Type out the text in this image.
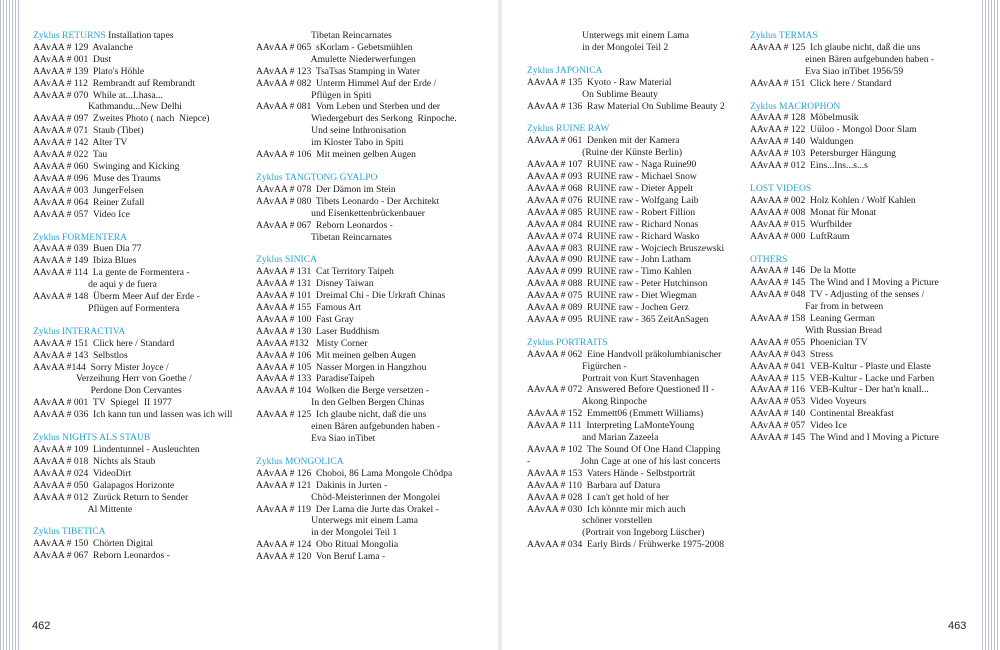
Zyklus RETURNS Installation tapes
AAvAA # 129  Avalanche
AAvAA # 001  Dust
AAvAA # 139  Plato's Höhle
AAvAA # 112  Rembrandt auf Rembrandt
AAvAA # 070  While at...Lhasa...
Kathmandu...New Delhi
AAvAA # 097  Zweites Photo ( nach  Niepce)
AAvAA # 071  Staub (Tibet)
AAvAA # 142  Alter TV
AAvAA # 022  Tau
AAvAA # 060  Swinging and Kicking
AAvAA # 096  Muse des Traums
AAvAA # 003  JungerFelsen
AAvAA # 064  Reiner Zufall
AAvAA # 057  Video Ice
Zyklus FORMENTERA
AAvAA # 039  Buen Dia 77
AAvAA # 149  Ibiza Blues
AAvAA # 114  La gente de Formentera -
de aqui y de fuera
AAvAA # 148  Überm Meer Auf der Erde -
Pflügen auf Formentera
Zyklus INTERACTIVA
AAvAA # 151  Click here / Standard
AAvAA # 143  Selbstlos
AAvAA #144  Sorry Mister Joyce /
Verzeihung Herr von Goethe /
Perdone Don Cervantes
AAvAA # 001  TV  Spiegel  II 1977
AAvAA # 036  Ich kann tun und lassen was ich will
Zyklus NIGHTS ALS STAUB
AAvAA # 109  Lindentunnel - Ausleuchten
AAvAA # 018  Nichts als Staub
AAvAA # 024  VideoDirt
AAvAA # 050  Galapagos Horizonte
AAvAA # 012  Zurück Return to Sender
Al Mittente
Zyklus TIBETICA
AAvAA # 150  Chörten Digital
AAvAA # 067  Reborn Leonardos -
Tibetan Reincarnates
AAvAA # 065  sKorlam - Gebetsmühlen
Amulette Niederwerfungen
AAvAA # 123  TsaTsas Stamping in Water
AAvAA # 082  Unterm Himmel Auf der Erde /
Pflügen in Spiti
AAvAA # 081  Vom Leben und Sterben und der
Wiedergeburt des Serkong  Rinpoche.
Und seine Inthronisation
im Kloster Tabo in Spiti
AAvAA # 106  Mit meinen gelben Augen
Zyklus TANGTONG GYALPO
AAvAA # 078  Der Dämon im Stein
AAvAA # 080  Tibets Leonardo - Der Architekt
und Eisenkettenbrückenbauer
AAvAA # 067  Reborn Leonardos -
Tibetan Reincarnates
Zyklus SINICA
AAvAA # 131  Cat Territory Taipeh
AAvAA # 131  Disney Taiwan
AAvAA # 101  Dreimal Chi - Die Urkraft Chinas
AAvAA # 155  Famous Art
AAvAA # 100  Fast Gray
AAvAA # 130  Laser Buddhism
AAvAA #132   Misty Corner
AAvAA # 106  Mit meinen gelben Augen
AAvAA # 105  Nasser Morgen in Hangzhou
AAvAA # 133  ParadiseTaipeh
AAvAA # 104  Wolken die Berge versetzen -
In den Gelben Bergen Chinas
AAvAA # 125  Ich glaube nicht, daß die uns
einen Bären aufgebunden haben -
Eva Siao inTibet
Zyklus MONGOLICA
AAvAA # 126  Choboi, 86 Lama Mongole Chödpa
AAvAA # 121  Dakinis in Jurten -
Chöd-Meisterinnen der Mongolei
AAvAA # 119  Der Lama die Jurte das Orakel -
Unterwegs mit einem Lama
in der Mongolei Teil 1
AAvAA # 124  Obo Ritual Mongolia
AAvAA # 120  Von Beruf Lama -
Unterwegs mit einem Lama
in der Mongolei Teil 2
Zyklus JAPONICA
AAvAA # 135  Kyoto - Raw Material
On Sublime Beauty
AAvAA # 136  Raw Material On Sublime Beauty 2
Zyklus RUINE RAW
AAvAA # 061  Denken mit der Kamera
(Ruine der Künste Berlin)
AAvAA # 107  RUINE raw - Naga Ruine90
AAvAA # 093  RUINE raw - Michael Snow
AAvAA # 068  RUINE raw - Dieter Appelt
AAvAA # 076  RUINE raw - Wolfgang Laib
AAvAA # 085  RUINE raw - Robert Fillion
AAvAA # 084  RUINE raw - Richard Nonas
AAvAA # 074  RUINE raw - Richard Wasko
AAvAA # 083  RUINE raw - Wojciech Bruszewski
AAvAA # 090  RUINE raw - John Latham
AAvAA # 099  RUINE raw - Timo Kahlen
AAvAA # 088  RUINE raw - Peter Hutchinson
AAvAA # 075  RUINE raw - Diet Wiegman
AAvAA # 089  RUINE raw - Jochen Gerz
AAvAA # 095  RUINE raw - 365 ZeitAnSagen
Zyklus PORTRAITS
AAvAA # 062  Eine Handvoll präkolumbianischer
Figürchen -
Portrait von Kurt Stavenhagen
AAvAA # 072  Answered Before Questioned II -
Akong Rinpoche
AAvAA # 152  Emmett06 (Emmett Williams)
AAvAA # 111  Interpreting LaMonteYoung
and Marian Zazeela
AAvAA # 102  The Sound Of One Hand Clapping
-                     John Cage at one of his last concerts
AAvAA # 153  Vaters Hände - Selbstporträt
AAvAA # 110  Barbara auf Datura
AAvAA # 028  I can't get hold of her
AAvAA # 030  Ich könnte mir mich auch
schöner vorstellen
(Portrait von Ingeborg Lüscher)
AAvAA # 034  Early Birds / Frühwerke 1975-2008
Zyklus TERMAS
AAvAA # 125  Ich glaube nicht, daß die uns
einen Bären aufgebunden haben -
Eva Siao inTibet 1956/59
AAvAA # 151  Click here / Standard
Zyklus MACROPHON
AAvAA # 128  Möbelmusik
AAvAA # 122  Uüloo - Mongol Door Slam
AAvAA # 140  Waldungen
AAvAA # 103  Petersburger Hängung
AAvAA # 012  Eins...Ins...s...s
LOST VIDEOS
AAvAA # 002  Holz Kohlen / Wolf Kahlen
AAvAA # 008  Monat für Monat
AAvAA # 015  Wurfbilder
AAvAA # 000  LuftRaum
OTHERS
AAvAA # 146  De la Motte
AAvAA # 145  The Wind and I Moving a Picture
AAvAA # 048  TV - Adjusting of the senses /
Far from in between
AAvAA # 158  Leaning German
With Russian Bread
AAvAA # 055  Phoenician TV
AAvAA # 043  Stress
AAvAA # 041  VEB-Kultur - Plaste und Elaste
AAvAA # 115  VEB-Kultur - Lacke und Farben
AAvAA # 116  VEB-Kultur - Der hat'n knall...
AAvAA # 053  Video Voyeurs
AAvAA # 140  Continental Breakfast
AAvAA # 057  Video Ice
AAvAA # 145  The Wind and I Moving a Picture
462	463
